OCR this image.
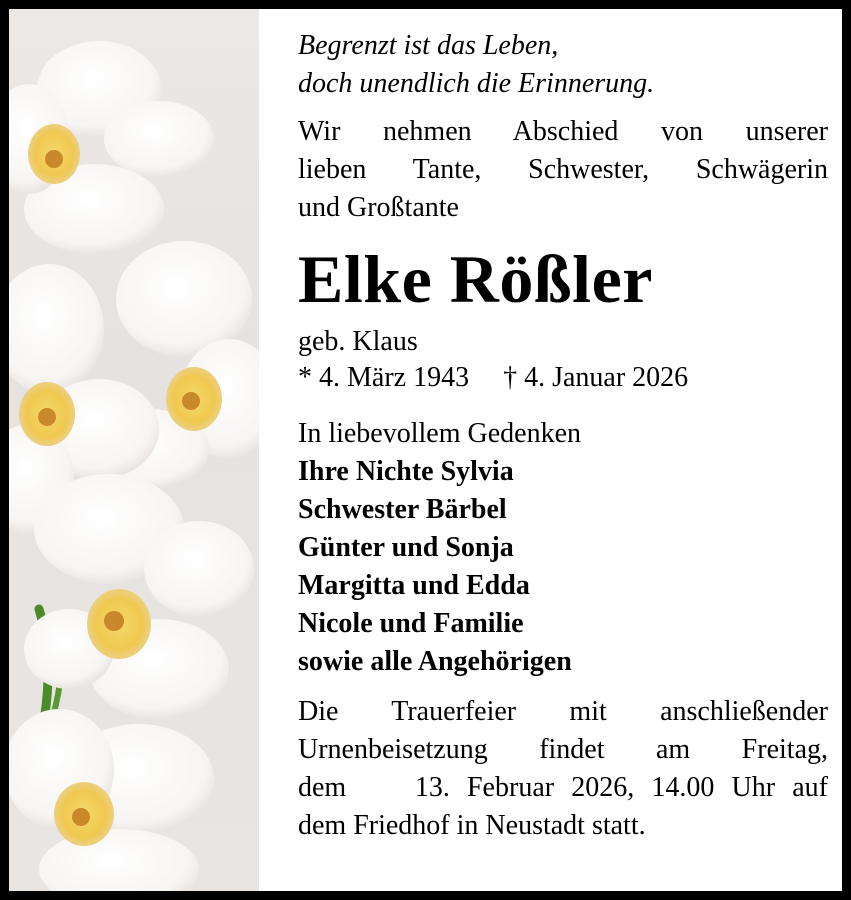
Begrenzt ist das Leben,
doch unendlich die Erinnerung.
Wir nehmen Abschied von unserer
lieben Tante, Schwester, Schwägerin
und Großtante
Elke Rößler
geb. Klaus
* 4. März 1943 † 4. Januar 2026
In liebevollem Gedenken
Ihre Nichte Sylvia
Schwester Bärbel
Günter und Sonja
Margitta und Edda
Nicole und Familie
sowie alle Angehörigen
Die Trauerfeier mit anschließender
Urnenbeisetzung findet am Freitag,
dem    13. Februar 2026, 14.00 Uhr auf
dem Friedhof in Neustadt statt.
